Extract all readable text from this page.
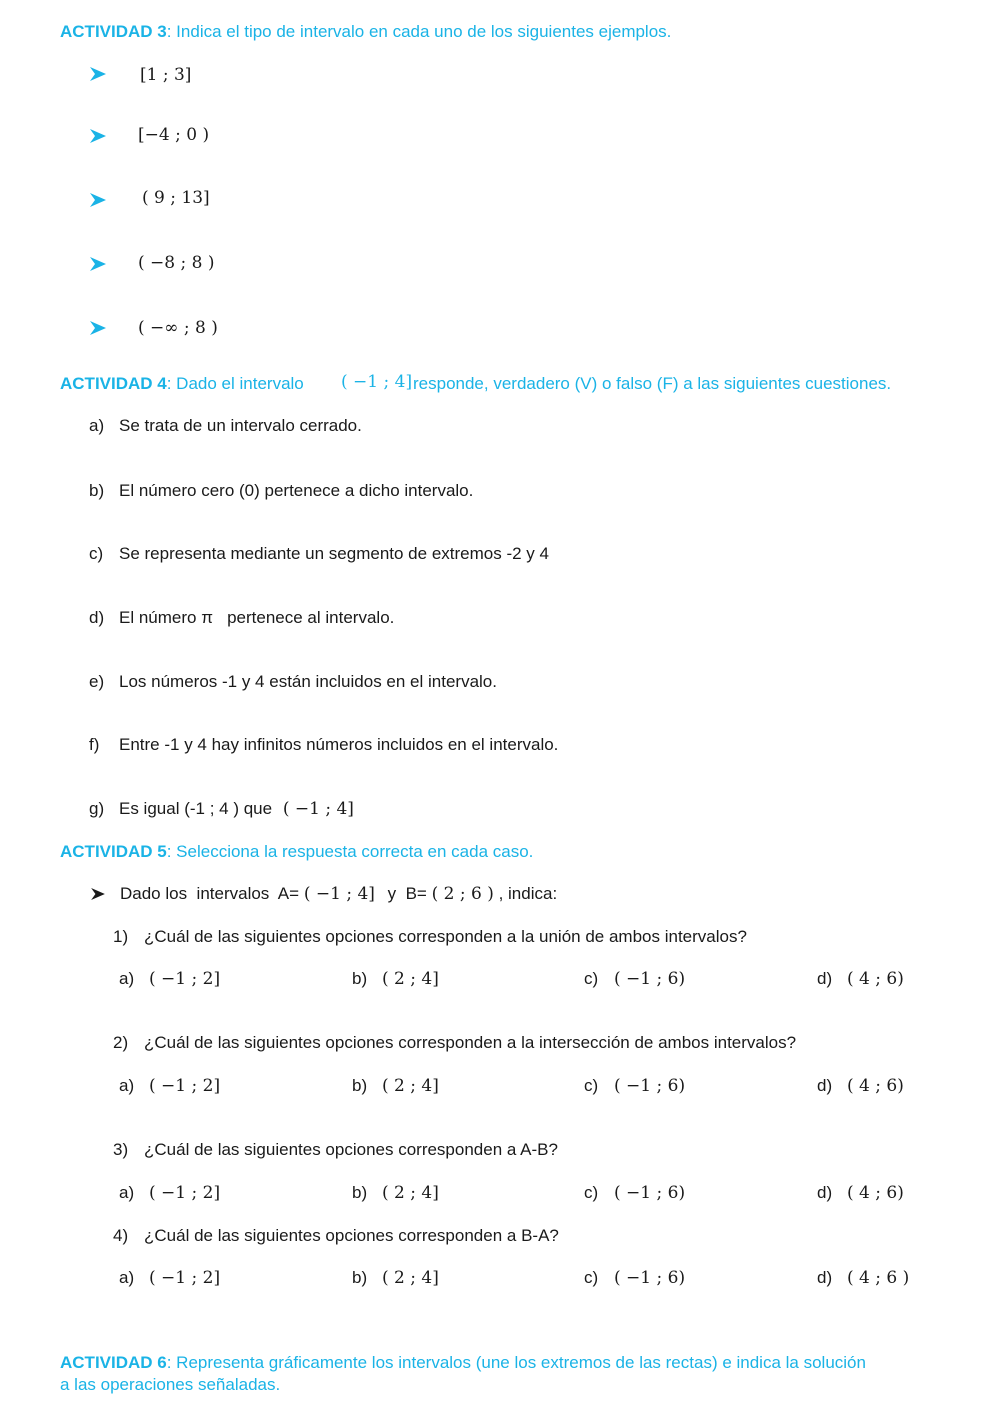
ACTIVIDAD 3: Indica el tipo de intervalo en cada uno de los siguientes ejemplos.
[1 ; 3]
[−4 ; 0 )
( 9 ; 13]
( −8 ; 8 )
( −∞ ; 8 )
ACTIVIDAD 4: Dado el intervalo ( −1 ; 4] responde, verdadero (V) o falso (F) a las siguientes cuestiones.
a) Se trata de un intervalo cerrado.
b) El número cero (0) pertenece a dicho intervalo.
c) Se representa mediante un segmento de extremos -2 y 4
d) El número π   pertenece al intervalo.
e) Los números -1 y 4 están incluidos en el intervalo.
f) Entre -1 y 4 hay infinitos números incluidos en el intervalo.
g) Es igual (-1 ; 4 ) que ( −1 ; 4]
ACTIVIDAD 5: Selecciona la respuesta correcta en cada caso.
Dado los  intervalos  A= ( −1 ; 4] y  B= ( 2 ; 6 ) , indica:
1) ¿Cuál de las siguientes opciones corresponden a la unión de ambos intervalos?
a) ( −1 ; 2]	b) ( 2 ; 4]	c) ( −1 ; 6)	d) ( 4 ; 6)
2) ¿Cuál de las siguientes opciones corresponden a la intersección de ambos intervalos?
a) ( −1 ; 2]	b) ( 2 ; 4]	c) ( −1 ; 6)	d) ( 4 ; 6)
3) ¿Cuál de las siguientes opciones corresponden a A-B?
a) ( −1 ; 2]	b) ( 2 ; 4]	c) ( −1 ; 6)	d) ( 4 ; 6)
4) ¿Cuál de las siguientes opciones corresponden a B-A?
a) ( −1 ; 2]	b) ( 2 ; 4]	c) ( −1 ; 6)	d) ( 4 ; 6 )
ACTIVIDAD 6: Representa gráficamente los intervalos (une los extremos de las rectas) e indica la solución
a las operaciones señaladas.
